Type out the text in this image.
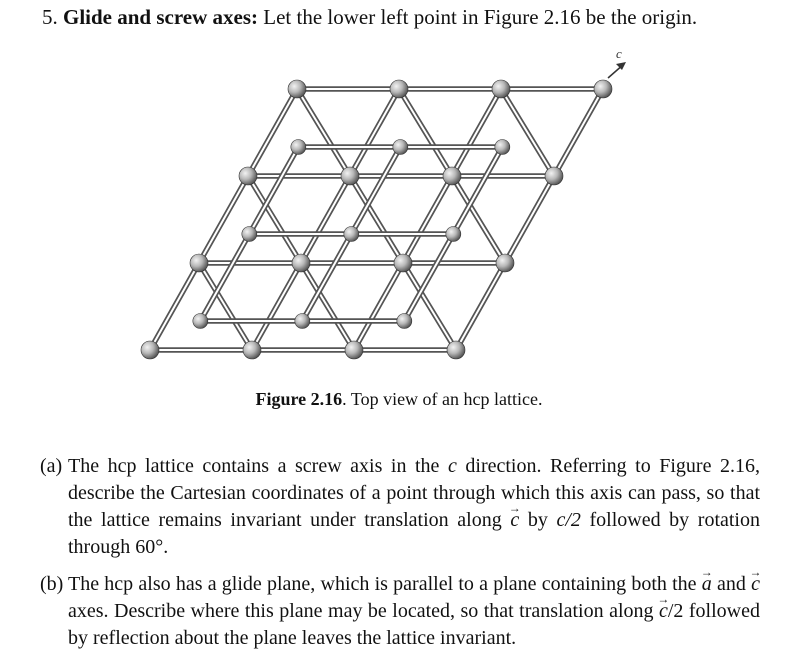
5. Glide and screw axes: Let the lower left point in Figure 2.16 be the origin.
c
Figure 2.16. Top view of an hcp lattice.
(a) The hcp lattice contains a screw axis in the c direction. Referring to Figure 2.16, describe the Cartesian coordinates of a point through which this axis can pass, so that the lattice remains invariant under translation along → c by c/2 followed by rotation through 60°.
(b) The hcp also has a glide plane, which is parallel to a plane containing both the → a and → c axes. Describe where this plane may be located, so that translation along → c/2 followed by reflection about the plane leaves the lattice invariant.
